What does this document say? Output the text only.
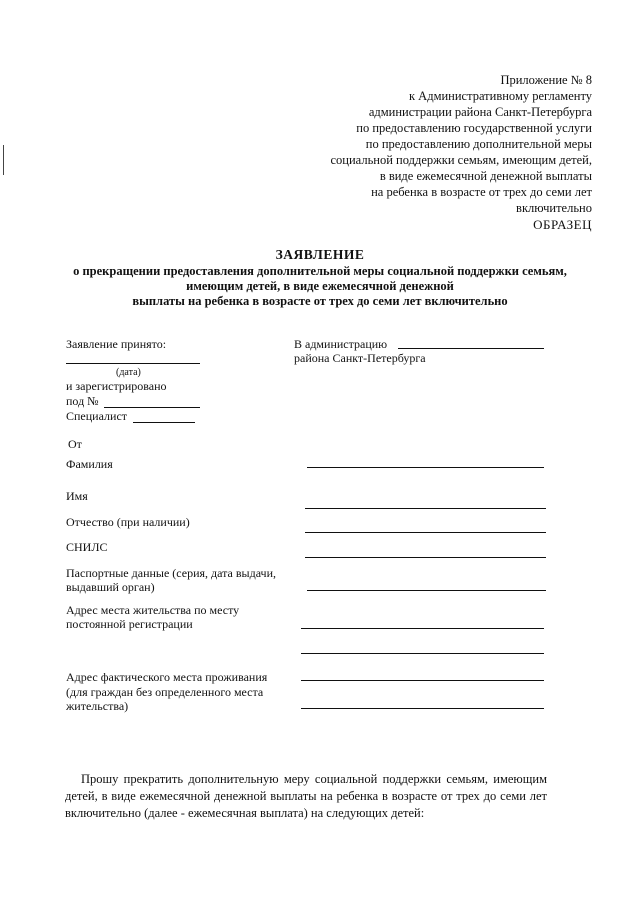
Приложение № 8
к Административному регламенту
администрации района Санкт-Петербурга
по предоставлению государственной услуги
по предоставлению дополнительной меры
социальной поддержки семьям, имеющим детей,
в виде ежемесячной денежной выплаты
на ребенка в возрасте от трех до семи лет
включительно
ОБРАЗЕЦ
ЗАЯВЛЕНИЕ
о прекращении предоставления дополнительной меры социальной поддержки семьям,
имеющим детей, в виде ежемесячной денежной
выплаты на ребенка в возрасте от трех до семи лет включительно
Заявление принято:
(дата)
и зарегистрировано
под №
Специалист
В администрацию
района Санкт-Петербурга
От
Фамилия
Имя
Отчество (при наличии)
СНИЛС
Паспортные данные (серия, дата выдачи,
выдавший орган)
Адрес места жительства по месту
постоянной регистрации
Адрес фактического места проживания
(для граждан без определенного места
жительства)
Прошу прекратить дополнительную меру социальной поддержки семьям, имеющим детей, в виде ежемесячной денежной выплаты на ребенка в возрасте от трех до семи лет включительно (далее - ежемесячная выплата) на следующих детей:
